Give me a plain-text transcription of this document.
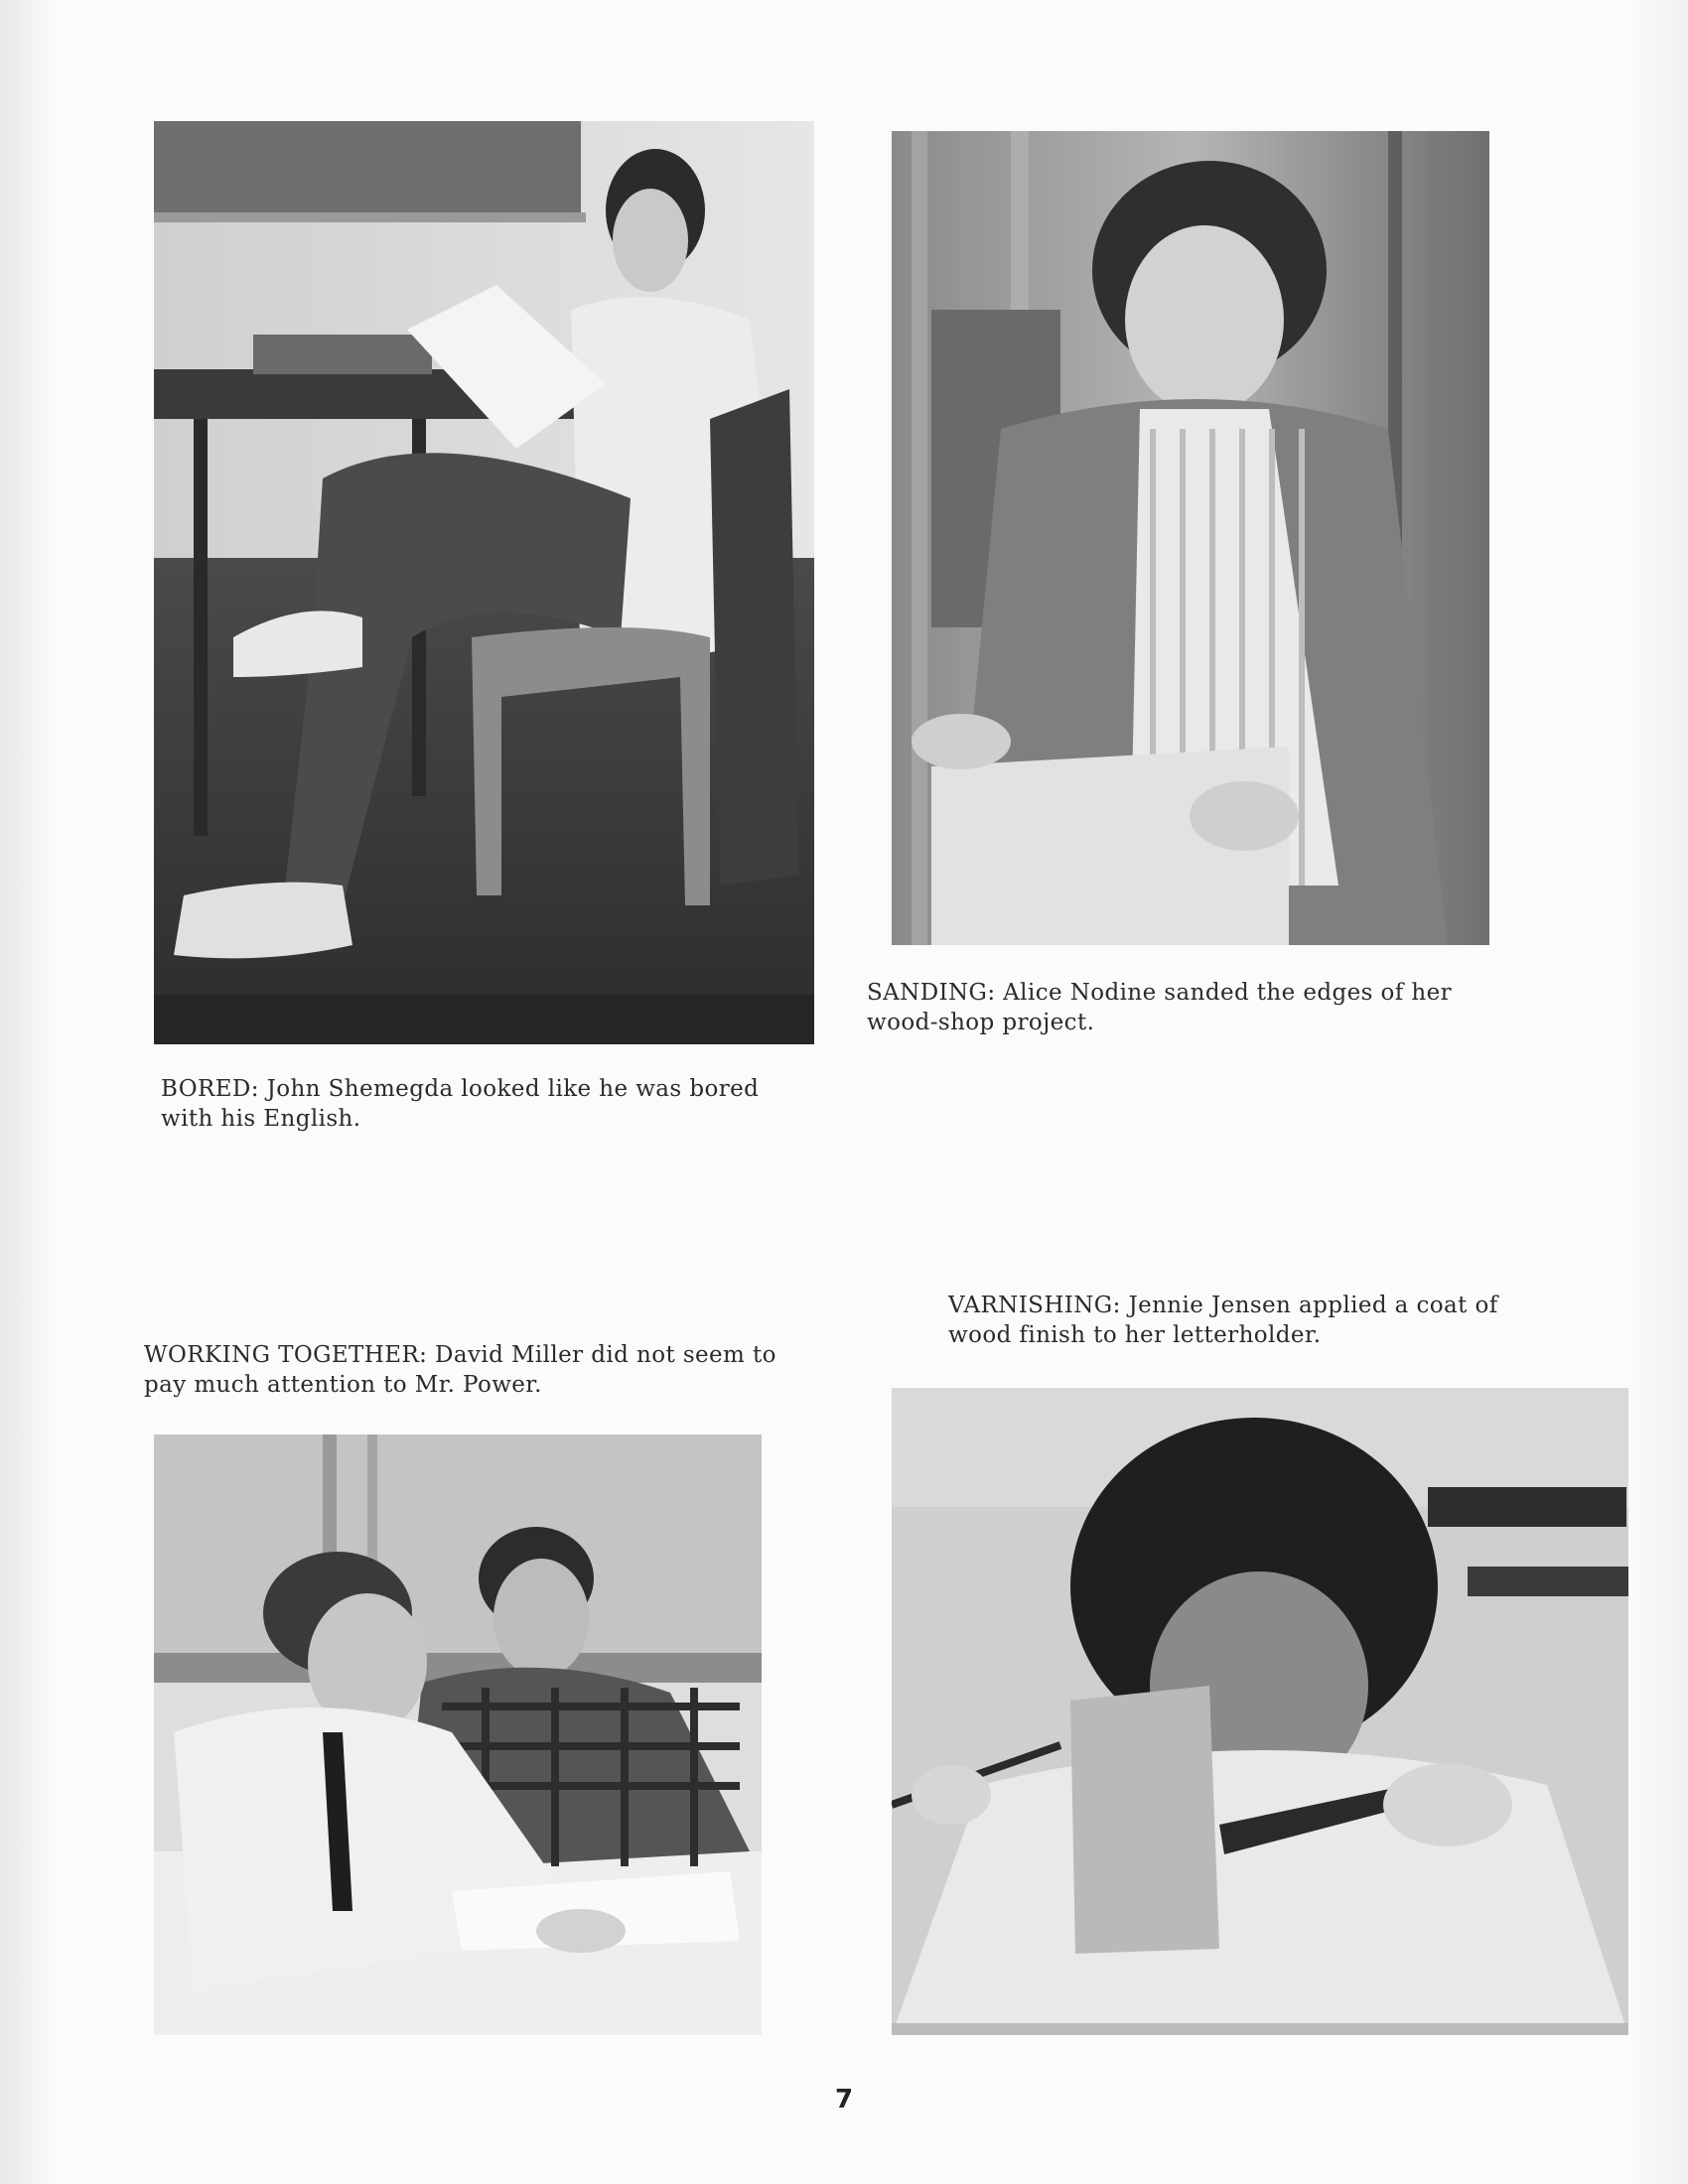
BORED: John Shemegda looked like he was bored with his English.

SANDING: Alice Nodine sanded the edges of her wood-shop project.

WORKING TOGETHER: David Miller did not seem to pay much attention to Mr. Power.

VARNISHING: Jennie Jensen applied a coat of wood finish to her letterholder.

7
